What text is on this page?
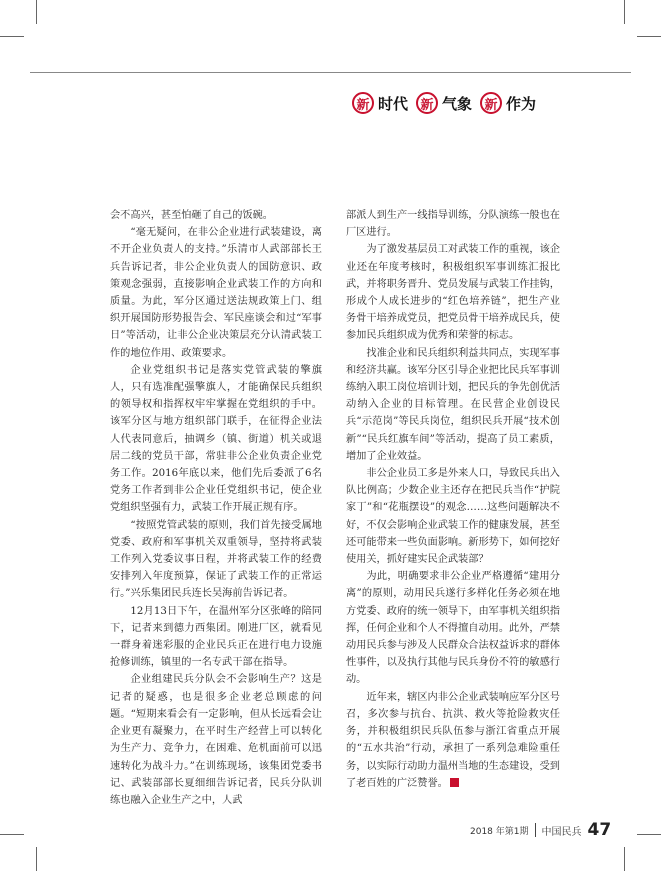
新 时代 新 气象 新 作为

会不高兴，甚至怕砸了自己的饭碗。

“毫无疑问，在非公企业进行武装建设，离不开企业负责人的支持。”乐清市人武部部长王兵告诉记者，非公企业负责人的国防意识、政策观念强弱，直接影响企业武装工作的方向和质量。为此，军分区通过送法规政策上门、组织开展国防形势报告会、军民座谈会和过“军事日”等活动，让非公企业决策层充分认清武装工作的地位作用、政策要求。

企业党组织书记是落实党管武装的擎旗人，只有选准配强擎旗人，才能确保民兵组织的领导权和指挥权牢牢掌握在党组织的手中。该军分区与地方组织部门联手，在征得企业法人代表同意后，抽调乡（镇、街道）机关或退居二线的党员干部，常驻非公企业负责企业党务工作。2016年底以来，他们先后委派了6名党务工作者到非公企业任党组织书记，使企业党组织坚强有力，武装工作开展正规有序。

“按照党管武装的原则，我们首先接受属地党委、政府和军事机关双重领导，坚持将武装工作列入党委议事日程，并将武装工作的经费安排列入年度预算，保证了武装工作的正常运行。”兴乐集团民兵连长吴海前告诉记者。

12月13日下午，在温州军分区张峰的陪同下，记者来到德力西集团。刚进厂区，就看见一群身着迷彩服的企业民兵正在进行电力设施抢修训练，镇里的一名专武干部在指导。

企业组建民兵分队会不会影响生产？这是记者的疑惑，也是很多企业老总顾虑的问题。“短期来看会有一定影响，但从长远看会让企业更有凝聚力，在平时生产经营上可以转化为生产力、竞争力，在困难、危机面前可以迅速转化为战斗力。”在训练现场，该集团党委书记、武装部部长夏细细告诉记者，民兵分队训练也融入企业生产之中，人武

部派人到生产一线指导训练，分队演练一般也在厂区进行。

为了激发基层员工对武装工作的重视，该企业还在年度考核时，积极组织军事训练汇报比武，并将职务晋升、党员发展与武装工作挂钩，形成个人成长进步的“红色培养链”，把生产业务骨干培养成党员，把党员骨干培养成民兵，使参加民兵组织成为优秀和荣誉的标志。

找准企业和民兵组织利益共同点，实现军事和经济共赢。该军分区引导企业把比民兵军事训练纳入职工岗位培训计划，把民兵的争先创优活动纳入企业的目标管理。在民营企业创设民兵“示范岗”等民兵岗位，组织民兵开展“技术创新”“民兵红旗车间”等活动，提高了员工素质，增加了企业效益。

非公企业员工多是外来人口，导致民兵出入队比例高；少数企业主还存在把民兵当作“护院家丁”和“花瓶摆设”的观念……这些问题解决不好，不仅会影响企业武装工作的健康发展，甚至还可能带来一些负面影响。新形势下，如何挖好使用关，抓好建实民企武装部？

为此，明确要求非公企业严格遵循“建用分离”的原则，动用民兵遂行多样化任务必须在地方党委、政府的统一领导下，由军事机关组织指挥，任何企业和个人不得擅自动用。此外，严禁动用民兵参与涉及人民群众合法权益诉求的群体性事件，以及执行其他与民兵身份不符的敏感行动。

近年来，辖区内非公企业武装响应军分区号召，多次参与抗台、抗洪、救火等抢险救灾任务，并积极组织民兵队伍参与浙江省重点开展的“五水共治”行动，承担了一系列急难险重任务，以实际行动助力温州当地的生态建设，受到了老百姓的广泛赞誉。

2018 年第1期 中国民兵 47
